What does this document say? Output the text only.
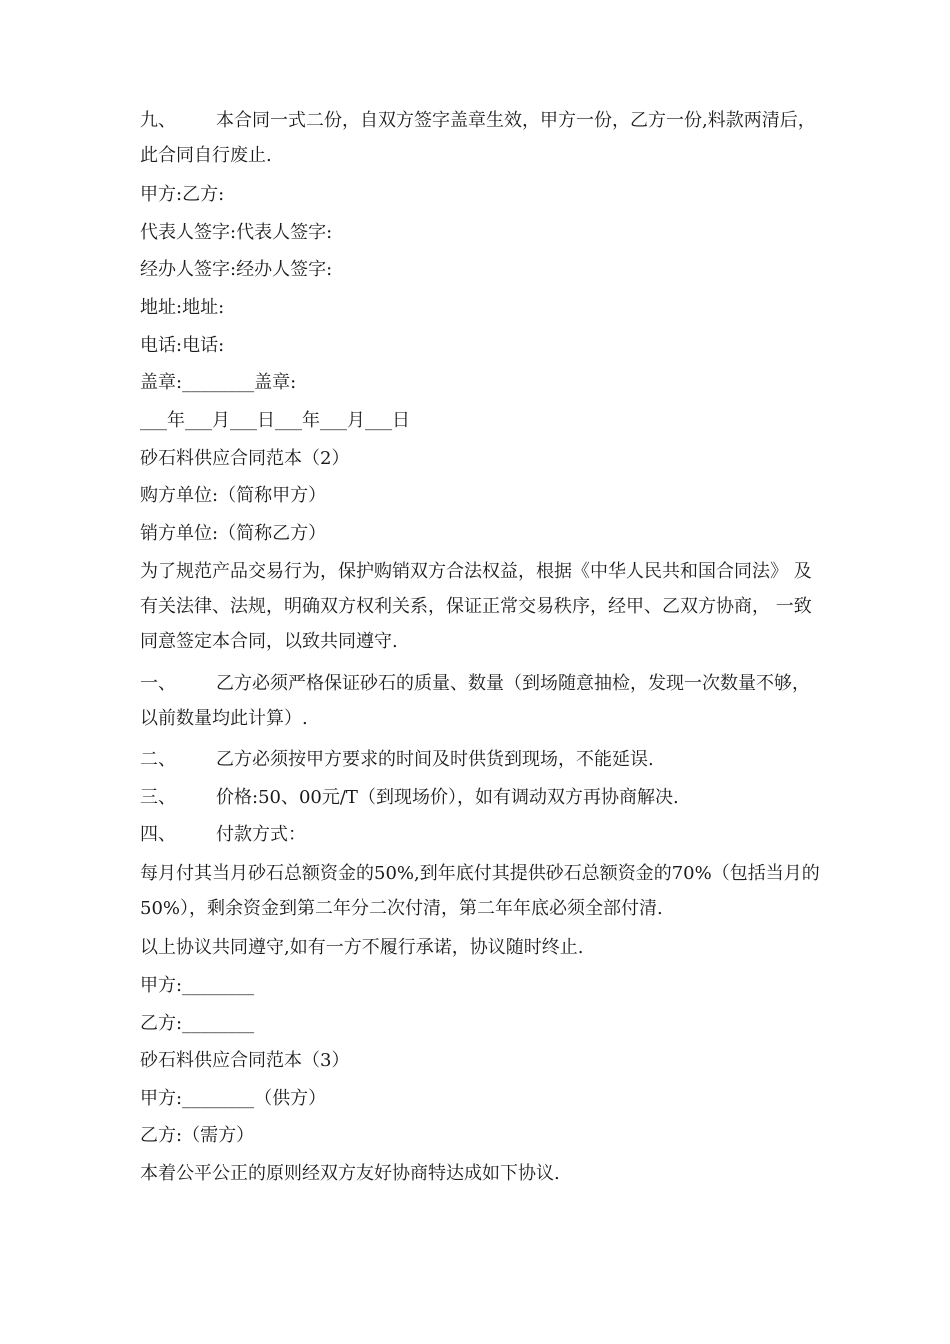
九、 本合同一式二份，自双方签字盖章生效，甲方一份，乙方一份,料款两清后， 此合同自行废止.
甲方:乙方:
代表人签字:代表人签字:
经办人签字:经办人签字:
地址:地址:
电话:电话:
盖章:________盖章:
___年___月___日___年___月___日
砂石料供应合同范本（2）
购方单位:（简称甲方）
销方单位:（简称乙方）
为了规范产品交易行为，保护购销双方合法权益，根据《中华人民共和国合同法》 及有关法律、法规，明确双方权利关系，保证正常交易秩序，经甲、乙双方协商， 一致同意签定本合同，以致共同遵守.
一、 乙方必须严格保证砂石的质量、数量（到场随意抽检，发现一次数量不够， 以前数量均此计算）.
二、 乙方必须按甲方要求的时间及时供货到现场，不能延误.
三、 价格:50、00元/T（到现场价），如有调动双方再协商解决.
四、 付款方式：
每月付其当月砂石总额资金的50%,到年底付其提供砂石总额资金的70%（包括当月的50%），剩余资金到第二年分二次付清，第二年年底必须全部付清.
以上协议共同遵守,如有一方不履行承诺，协议随时终止.
甲方:________
乙方:________
砂石料供应合同范本（3）
甲方:________（供方）
乙方:（需方）
本着公平公正的原则经双方友好协商特达成如下协议.
